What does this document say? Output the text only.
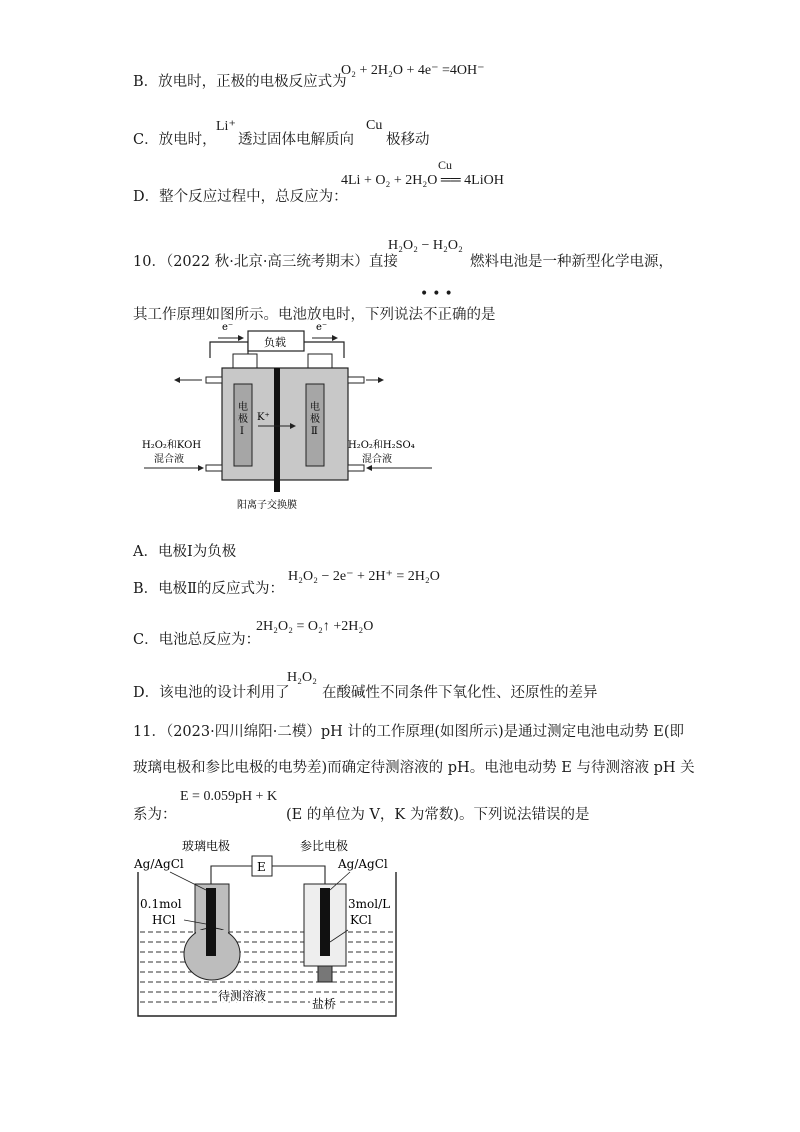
B．放电时，正极的电极反应式为
O₂ + 2H₂O + 4e⁻ =4OH⁻
C．放电时，
Li⁺
透过固体电解质向
Cu
极移动
D．整个反应过程中，总反应为：
Cu
4Li + O₂ + 2H₂O ══ 4LiOH
10．（2022 秋·北京·高三统考期末）直接
H₂O₂ − H₂O₂
燃料电池是一种新型化学电源，
其工作原理如图所示。电池放电时，下列说法不正确的是
•••
负载
e⁻	e⁻
电极 Ⅰ
电极 Ⅱ
K⁺
H₂O₂和KOH
混合液
H₂O₂和H₂SO₄
混合液
阳离子交换膜
A．电极Ⅰ为负极
B．电极Ⅱ的反应式为：
H₂O₂ − 2e⁻ + 2H⁺ = 2H₂O
C．电池总反应为：
2H₂O₂ = O₂↑ +2H₂O
D．该电池的设计利用了
H₂O₂
在酸碱性不同条件下氧化性、还原性的差异
11．（2023·四川绵阳·二模）pH 计的工作原理(如图所示)是通过测定电池电动势 E(即
玻璃电极和参比电极的电势差)而确定待测溶液的 pH。电池电动势 E 与待测溶液 pH 关
系为：
E = 0.059pH + K
(E 的单位为 V，K 为常数)。下列说法错误的是
E
玻璃电极	参比电极
Ag/AgCl	Ag/AgCl
0.1mol
HCl
3mol/L
KCl
待测溶液
盐桥
